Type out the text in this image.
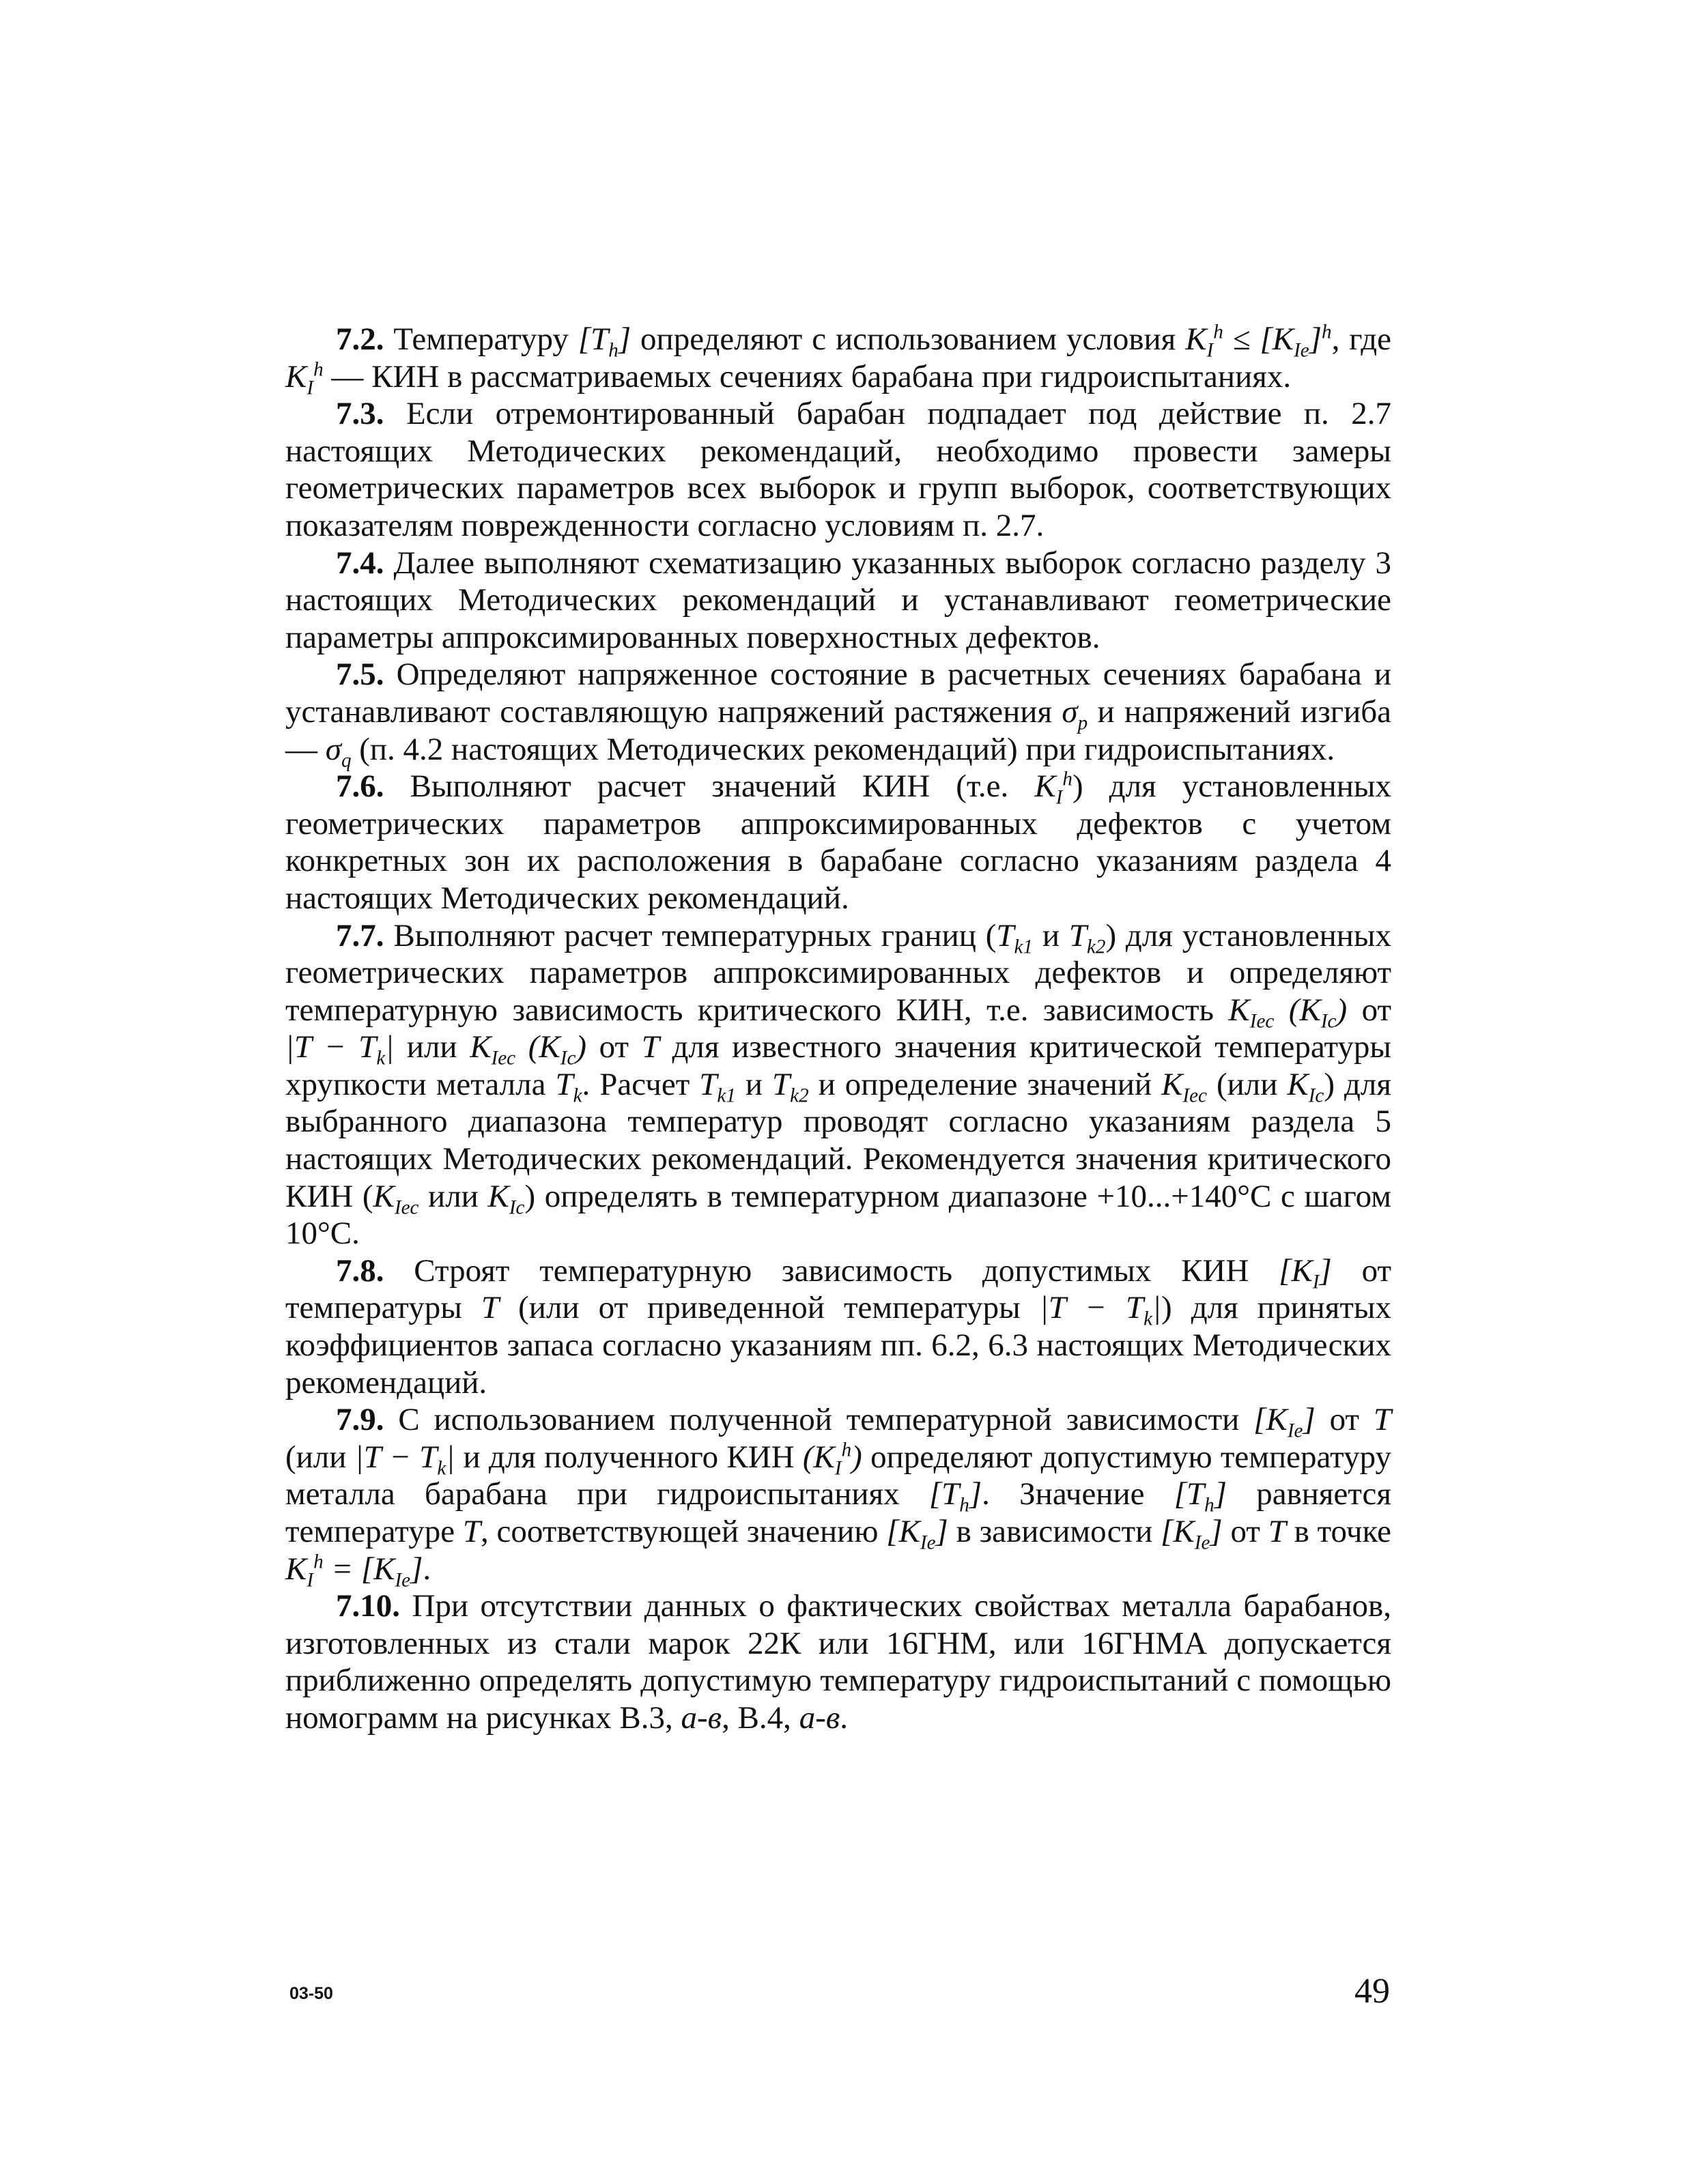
7.2. Температуру $[T_h]$ определяют с использованием условия $K_I^h \le [K_{Ie}]^h$, где $K_I^h$ — КИН в рассматриваемых сечениях барабана при гидроиспытаниях.

7.3. Если отремонтированный барабан подпадает под действие п. 2.7 настоящих Методических рекомендаций, необходимо провести замеры геометрических параметров всех выборок и групп выборок, соответствующих показателям поврежденности согласно условиям п. 2.7.

7.4. Далее выполняют схематизацию указанных выборок согласно разделу 3 настоящих Методических рекомендаций и устанавливают геометрические параметры аппроксимированных поверхностных дефектов.

7.5. Определяют напряженное состояние в расчетных сечениях барабана и устанавливают составляющую напряжений растяжения $\sigma_p$ и напряжений изгиба — $\sigma_q$ (п. 4.2 настоящих Методических рекомендаций) при гидроиспытаниях.

7.6. Выполняют расчет значений КИН (т.е. $K_I^h$) для установленных геометрических параметров аппроксимированных дефектов с учетом конкретных зон их расположения в барабане согласно указаниям раздела 4 настоящих Методических рекомендаций.

7.7. Выполняют расчет температурных границ ($T_{k1}$ и $T_{k2}$) для установленных геометрических параметров аппроксимированных дефектов и определяют температурную зависимость критического КИН, т.е. зависимость $K_{Iec}$ $(K_{Ic})$ от $|T - T_k|$ или $K_{Iec}$ $(K_{Ic})$ от T для известного значения критической температуры хрупкости металла $T_k$. Расчет $T_{k1}$ и $T_{k2}$ и определение значений $K_{Iec}$ (или $K_{Ic}$) для выбранного диапазона температур проводят согласно указаниям раздела 5 настоящих Методических рекомендаций. Рекомендуется значения критического КИН ($K_{Iec}$ или $K_{Ic}$) определять в температурном диапазоне +10...+140°С с шагом 10°С.

7.8. Строят температурную зависимость допустимых КИН $[K_I]$ от температуры T (или от приведенной температуры $|T - T_k|$) для принятых коэффициентов запаса согласно указаниям пп. 6.2, 6.3 настоящих Методических рекомендаций.

7.9. С использованием полученной температурной зависимости $[K_{Ie}]$ от T (или $|T - T_k|$ и для полученного КИН $(K_I^h)$ определяют допустимую температуру металла барабана при гидроиспытаниях $[T_h]$. Значение $[T_h]$ равняется температуре T, соответствующей значению $[K_{Ie}]$ в зависимости $[K_{Ie}]$ от T в точке $K_I^h = [K_{Ie}]$.

7.10. При отсутствии данных о фактических свойствах металла барабанов, изготовленных из стали марок 22К или 16ГНМ, или 16ГНМА допускается приближенно определять допустимую температуру гидроиспытаний с помощью номограмм на рисунках В.3, а-в, В.4, а-в.

03-50	49
